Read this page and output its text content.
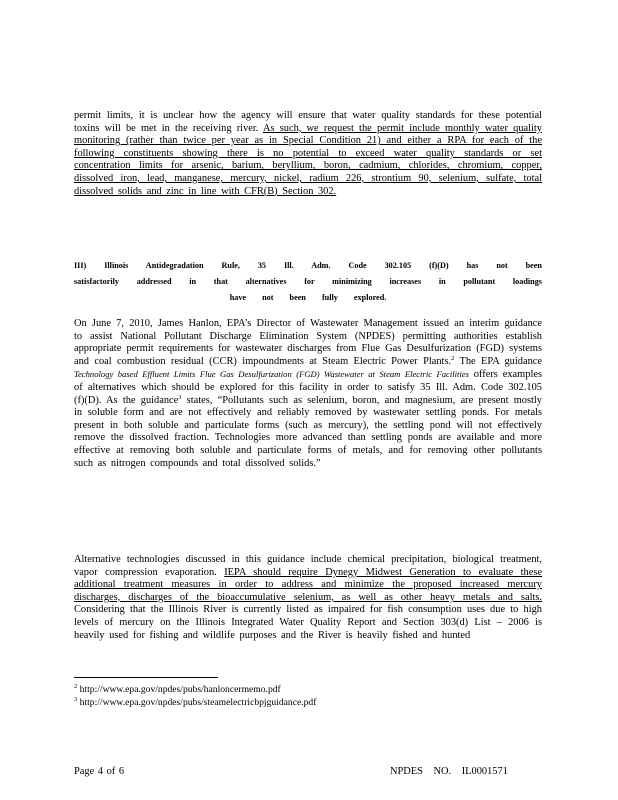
permit limits, it is unclear how the agency will ensure that water quality standards for these potential toxins will be met in the receiving river. As such, we request the permit include monthly water quality monitoring (rather than twice per year as in Special Condition 21) and either a RPA for each of the following constituents showing there is no potential to exceed water quality standards or set concentration limits for arsenic, barium, beryllium, boron, cadmium, chlorides, chromium, copper, dissolved iron, lead, manganese, mercury, nickel, radium 226, strontium 90, selenium, sulfate, total dissolved solids and zinc in line with CFR(B) Section 302.
III) Illinois Antidegradation Rule, 35 Ill. Adm. Code 302.105 (f)(D) has not been satisfactorily addressed in that alternatives for minimizing increases in pollutant loadings have not been fully explored.
On June 7, 2010, James Hanlon, EPA’s Director of Wastewater Management issued an interim guidance to assist National Pollutant Discharge Elimination System (NPDES) permitting authorities establish appropriate permit requirements for wastewater discharges from Flue Gas Desulfurization (FGD) systems and coal combustion residual (CCR) impoundments at Steam Electric Power Plants.$^2$ The EPA guidance Technology based Effluent Limits Flue Gas Desulfurization (FGD) Wastewater at Steam Electric Facilities offers examples of alternatives which should be explored for this facility in order to satisfy 35 Ill. Adm. Code 302.105 (f)(D). As the guidance$^3$ states, “Pollutants such as selenium, boron, and magnesium, are present mostly in soluble form and are not effectively and reliably removed by wastewater settling ponds. For metals present in both soluble and particulate forms (such as mercury), the settling pond will not effectively remove the dissolved fraction. Technologies more advanced than settling ponds are available and more effective at removing both soluble and particulate forms of metals, and for removing other pollutants such as nitrogen compounds and total dissolved solids.”
Alternative technologies discussed in this guidance include chemical precipitation, biological treatment, vapor compression evaporation. IEPA should require Dynegy Midwest Generation to evaluate these additional treatment measures in order to address and minimize the proposed increased mercury discharges, discharges of the bioaccumulative selenium, as well as other heavy metals and salts. Considering that the Illinois River is currently listed as impaired for fish consumption uses due to high levels of mercury on the Illinois Integrated Water Quality Report and Section 303(d) List – 2006 is heavily used for fishing and wildlife purposes and the River is heavily fished and hunted
$^2$ http://www.epa.gov/npdes/pubs/hanloncermemo.pdf
$^3$ http://www.epa.gov/npdes/pubs/steamelectricbpjguidance.pdf
Page 4 of 6	NPDES NO. IL0001571
